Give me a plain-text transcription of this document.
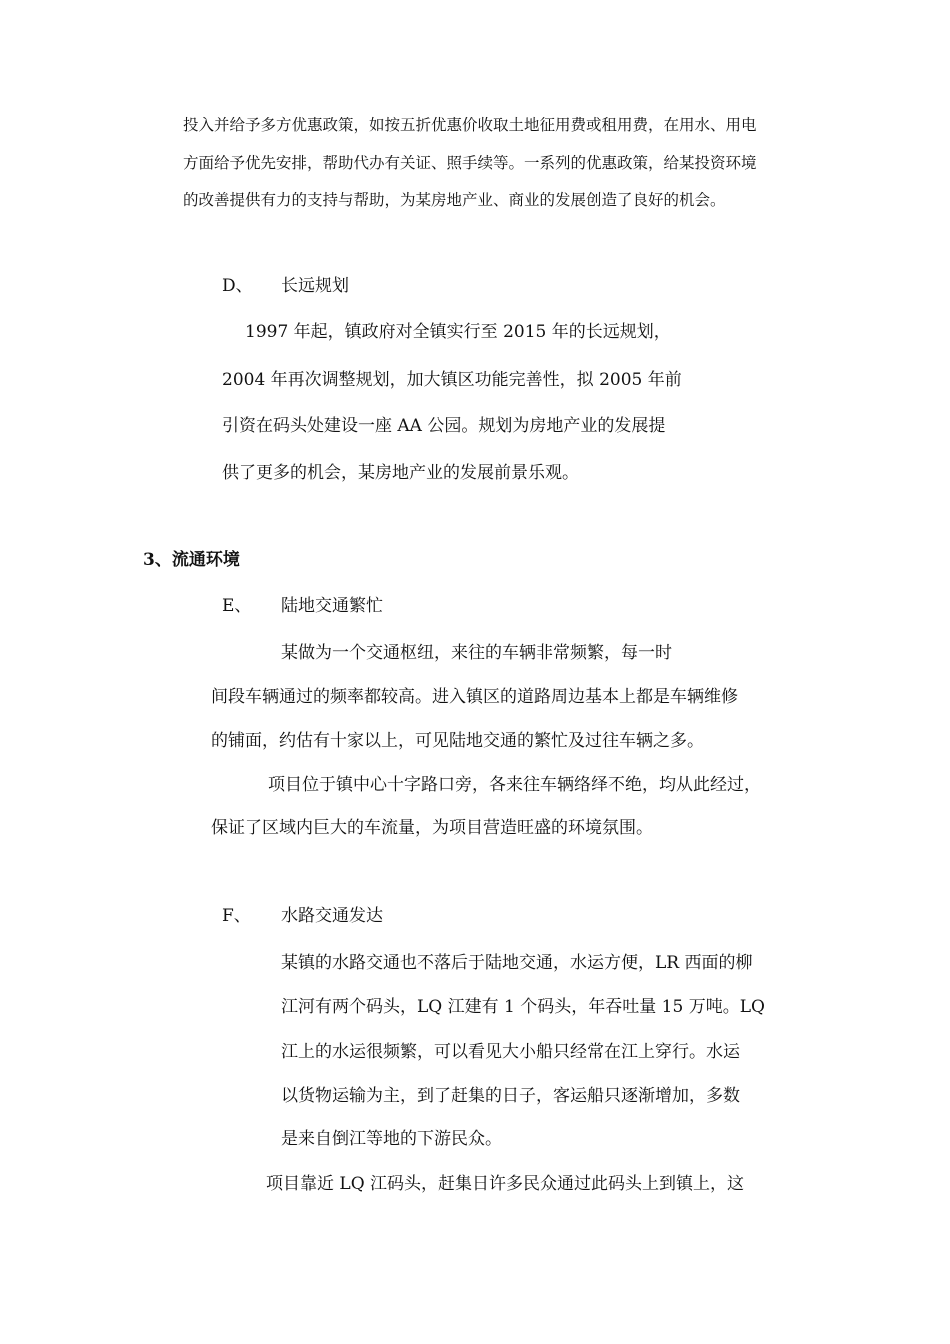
投入并给予多方优惠政策，如按五折优惠价收取土地征用费或租用费，在用水、用电
方面给予优先安排，帮助代办有关证、照手续等。一系列的优惠政策，给某投资环境
的改善提供有力的支持与帮助，为某房地产业、商业的发展创造了良好的机会。
D、 长远规划
1997 年起，镇政府对全镇实行至 2015 年的长远规划，
2004 年再次调整规划，加大镇区功能完善性，拟 2005 年前
引资在码头处建设一座 AA 公园。规划为房地产业的发展提
供了更多的机会，某房地产业的发展前景乐观。
3、流通环境
E、 陆地交通繁忙
某做为一个交通枢纽，来往的车辆非常频繁，每一时
间段车辆通过的频率都较高。进入镇区的道路周边基本上都是车辆维修
的铺面，约估有十家以上，可见陆地交通的繁忙及过往车辆之多。
项目位于镇中心十字路口旁，各来往车辆络绎不绝，均从此经过，
保证了区域内巨大的车流量，为项目营造旺盛的环境氛围。
F、 水路交通发达
某镇的水路交通也不落后于陆地交通，水运方便，LR 西面的柳
江河有两个码头，LQ 江建有 1 个码头，年吞吐量 15 万吨。LQ
江上的水运很频繁，可以看见大小船只经常在江上穿行。水运
以货物运输为主，到了赶集的日子，客运船只逐渐增加，多数
是来自倒江等地的下游民众。
项目靠近 LQ 江码头，赶集日许多民众通过此码头上到镇上，这
